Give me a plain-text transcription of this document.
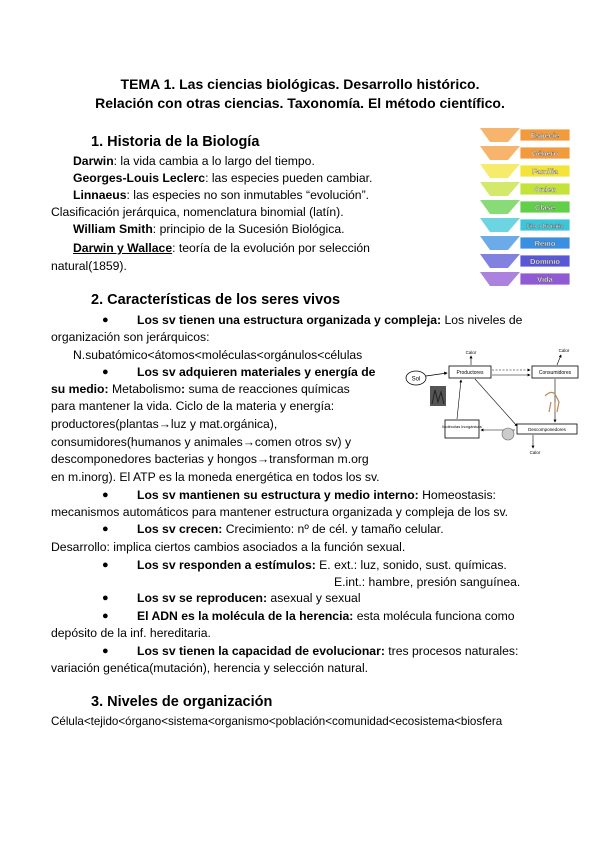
TEMA 1. Las ciencias biológicas. Desarrollo histórico.
Relación con otras ciencias. Taxonomía. El método científico.
1. Historia de la Biología
Darwin: la vida cambia a lo largo del tiempo.
Georges-Louis Leclerc: las especies pueden cambiar.
Linnaeus: las especies no son inmutables “evolución”.
Clasificación jerárquica, nomenclatura binomial (latín).
William Smith: principio de la Sucesión Biológica.
Darwin y Wallace: teoría de la evolución por selección
natural(1859).
Especie
Género
Familia
Orden
Clase
Filo o División
Reino
Dominio
Vida
2. Características de los seres vivos
● Los sv tienen una estructura organizada y compleja: Los niveles de
organización son jerárquicos:
N.subatómico<átomos<moléculas<orgánulos<células
● Los sv adquieren materiales y energía de
su medio: Metabolismo: suma de reacciones químicas
para mantener la vida. Ciclo de la materia y energía:
productores(plantas→luz y mat.orgánica),
consumidores(humanos y animales→comen otros sv) y
descomponedores bacterias y hongos→transforman m.org
en m.inorg). El ATP es la moneda energética en todos los sv.
Sol
Productores
Calor
Consumidores
Calor
Moléculas inorgánicas
Descomponedores
Calor
● Los sv mantienen su estructura y medio interno: Homeostasis:
mecanismos automáticos para mantener estructura organizada y compleja de los sv.
● Los sv crecen: Crecimiento: nº de cél. y tamaño celular.
Desarrollo: implica ciertos cambios asociados a la función sexual.
● Los sv responden a estímulos: E. ext.: luz, sonido, sust. químicas.
E.int.: hambre, presión sanguínea.
● Los sv se reproducen: asexual y sexual
● El ADN es la molécula de la herencia: esta molécula funciona como
depósito de la inf. hereditaria.
● Los sv tienen la capacidad de evolucionar: tres procesos naturales:
variación genética(mutación), herencia y selección natural.
3. Niveles de organización
Célula<tejido<órgano<sistema<organismo<población<comunidad<ecosistema<biosfera
